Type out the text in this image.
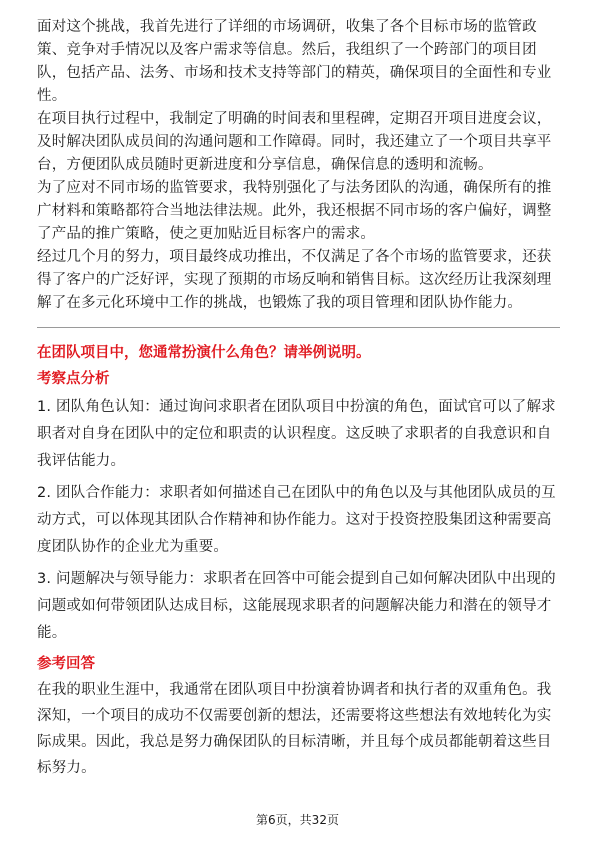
面对这个挑战，我首先进行了详细的市场调研，收集了各个目标市场的监管政策、竞争对手情况以及客户需求等信息。然后，我组织了一个跨部门的项目团队，包括产品、法务、市场和技术支持等部门的精英，确保项目的全面性和专业性。

在项目执行过程中，我制定了明确的时间表和里程碑，定期召开项目进度会议，及时解决团队成员间的沟通问题和工作障碍。同时，我还建立了一个项目共享平台，方便团队成员随时更新进度和分享信息，确保信息的透明和流畅。

为了应对不同市场的监管要求，我特别强化了与法务团队的沟通，确保所有的推广材料和策略都符合当地法律法规。此外，我还根据不同市场的客户偏好，调整了产品的推广策略，使之更加贴近目标客户的需求。

经过几个月的努力，项目最终成功推出，不仅满足了各个市场的监管要求，还获得了客户的广泛好评，实现了预期的市场反响和销售目标。这次经历让我深刻理解了在多元化环境中工作的挑战，也锻炼了我的项目管理和团队协作能力。

在团队项目中，您通常扮演什么角色？请举例说明。

考察点分析

1. 团队角色认知：通过询问求职者在团队项目中扮演的角色，面试官可以了解求职者对自身在团队中的定位和职责的认识程度。这反映了求职者的自我意识和自我评估能力。

2. 团队合作能力：求职者如何描述自己在团队中的角色以及与其他团队成员的互动方式，可以体现其团队合作精神和协作能力。这对于投资控股集团这种需要高度团队协作的企业尤为重要。

3. 问题解决与领导能力：求职者在回答中可能会提到自己如何解决团队中出现的问题或如何带领团队达成目标，这能展现求职者的问题解决能力和潜在的领导才能。

参考回答

在我的职业生涯中，我通常在团队项目中扮演着协调者和执行者的双重角色。我深知，一个项目的成功不仅需要创新的想法，还需要将这些想法有效地转化为实际成果。因此，我总是努力确保团队的目标清晰，并且每个成员都能朝着这些目标努力。

第6页，共32页
